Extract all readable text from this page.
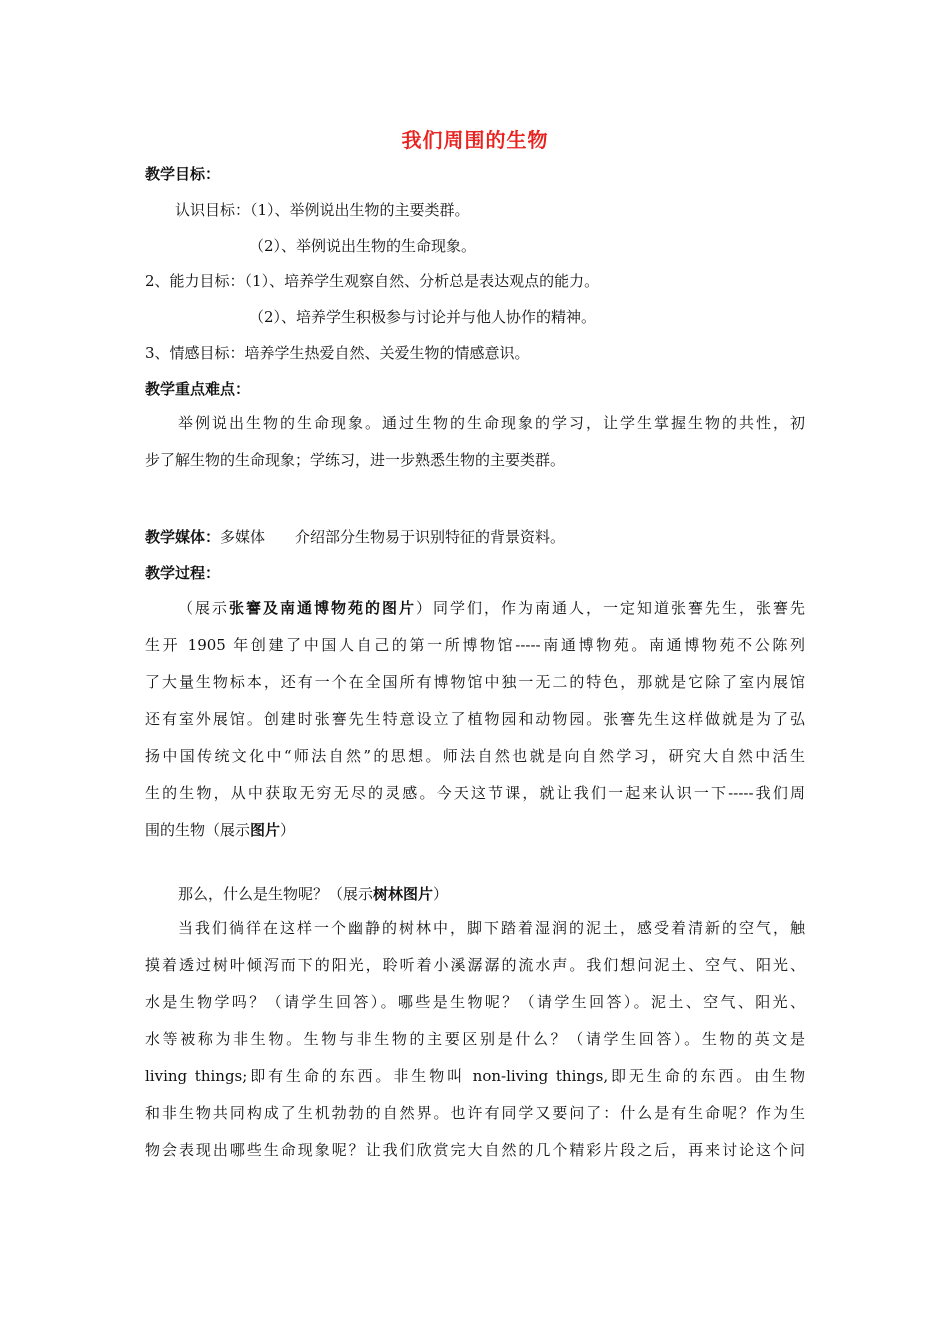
我们周围的生物
教学目标：
认识目标：（1）、举例说出生物的主要类群。
（2）、举例说出生物的生命现象。
2、能力目标：（1）、培养学生观察自然、分析总是表达观点的能力。
（2）、培养学生积极参与讨论并与他人协作的精神。
3、情感目标：培养学生热爱自然、关爱生物的情感意识。
教学重点难点：
举例说出生物的生命现象。通过生物的生命现象的学习，让学生掌握生物的共性，初
步了解生物的生命现象；学练习，进一步熟悉生物的主要类群。
教学媒体：多媒体　　介绍部分生物易于识别特征的背景资料。
教学过程：
（展示张謇及南通博物苑的图片）同学们，作为南通人，一定知道张謇先生，张謇先
生开 1905 年创建了中国人自己的第一所博物馆-----南通博物苑。南通博物苑不公陈列
了大量生物标本，还有一个在全国所有博物馆中独一无二的特色，那就是它除了室内展馆
还有室外展馆。创建时张謇先生特意设立了植物园和动物园。张謇先生这样做就是为了弘
扬中国传统文化中“师法自然”的思想。师法自然也就是向自然学习，研究大自然中活生
生的生物，从中获取无穷无尽的灵感。今天这节课，就让我们一起来认识一下-----我们周
围的生物（展示图片）
那么，什么是生物呢？（展示树林图片）
当我们徜徉在这样一个幽静的树林中，脚下踏着湿润的泥土，感受着清新的空气，触
摸着透过树叶倾泻而下的阳光，聆听着小溪潺潺的流水声。我们想问泥土、空气、阳光、
水是生物学吗？（请学生回答）。哪些是生物呢？（请学生回答）。泥土、空气、阳光、
水等被称为非生物。生物与非生物的主要区别是什么？（请学生回答）。生物的英文是
living things;即有生命的东西。非生物叫 non-living things,即无生命的东西。由生物
和非生物共同构成了生机勃勃的自然界。也许有同学又要问了：什么是有生命呢？作为生
物会表现出哪些生命现象呢？让我们欣赏完大自然的几个精彩片段之后，再来讨论这个问
